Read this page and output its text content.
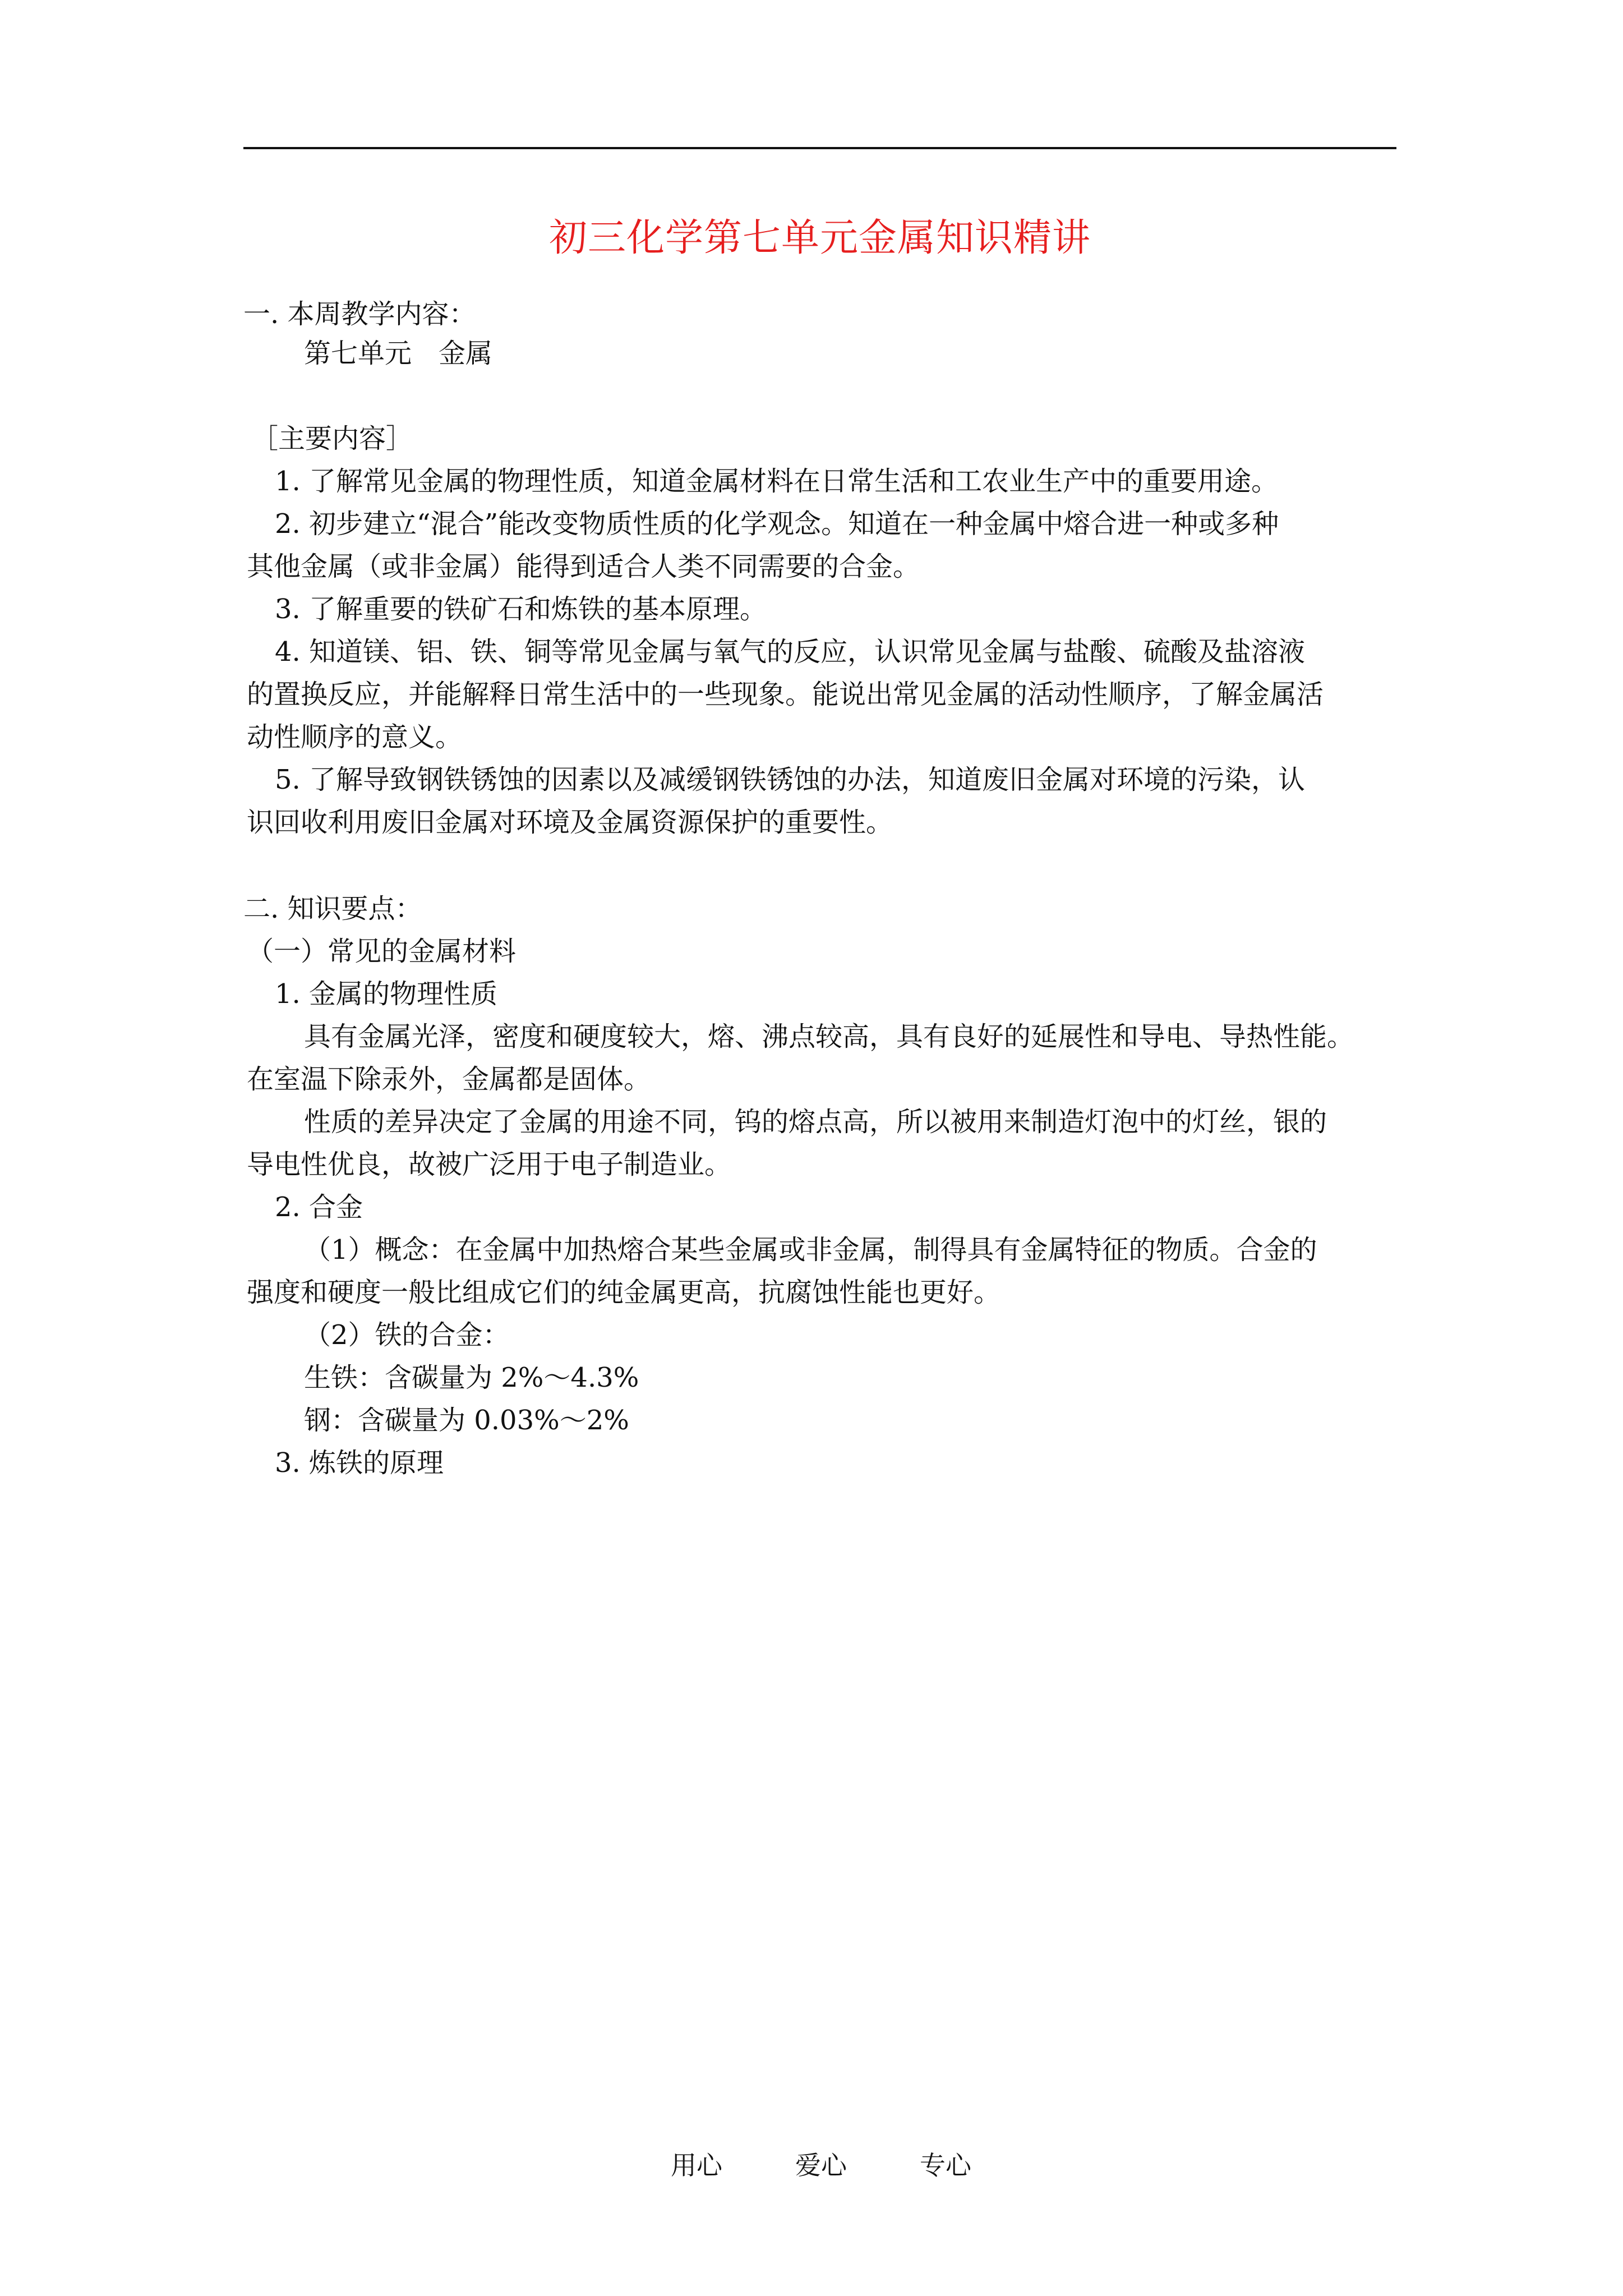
初三化学第七单元金属知识精讲
一. 本周教学内容：
第七单元　金属
［主要内容］
1. 了解常见金属的物理性质，知道金属材料在日常生活和工农业生产中的重要用途。
2. 初步建立“混合”能改变物质性质的化学观念。知道在一种金属中熔合进一种或多种
其他金属（或非金属）能得到适合人类不同需要的合金。
3. 了解重要的铁矿石和炼铁的基本原理。
4. 知道镁、铝、铁、铜等常见金属与氧气的反应，认识常见金属与盐酸、硫酸及盐溶液
的置换反应，并能解释日常生活中的一些现象。能说出常见金属的活动性顺序，了解金属活
动性顺序的意义。
5. 了解导致钢铁锈蚀的因素以及减缓钢铁锈蚀的办法，知道废旧金属对环境的污染，认
识回收利用废旧金属对环境及金属资源保护的重要性。
二. 知识要点：
（一）常见的金属材料
1. 金属的物理性质
具有金属光泽，密度和硬度较大，熔、沸点较高，具有良好的延展性和导电、导热性能。
在室温下除汞外，金属都是固体。
性质的差异决定了金属的用途不同，钨的熔点高，所以被用来制造灯泡中的灯丝，银的
导电性优良，故被广泛用于电子制造业。
2. 合金
（1）概念：在金属中加热熔合某些金属或非金属，制得具有金属特征的物质。合金的
强度和硬度一般比组成它们的纯金属更高，抗腐蚀性能也更好。
（2）铁的合金：
生铁：含碳量为 2%～4.3%
钢：含碳量为 0.03%～2%
3. 炼铁的原理
用心	爱心	专心
